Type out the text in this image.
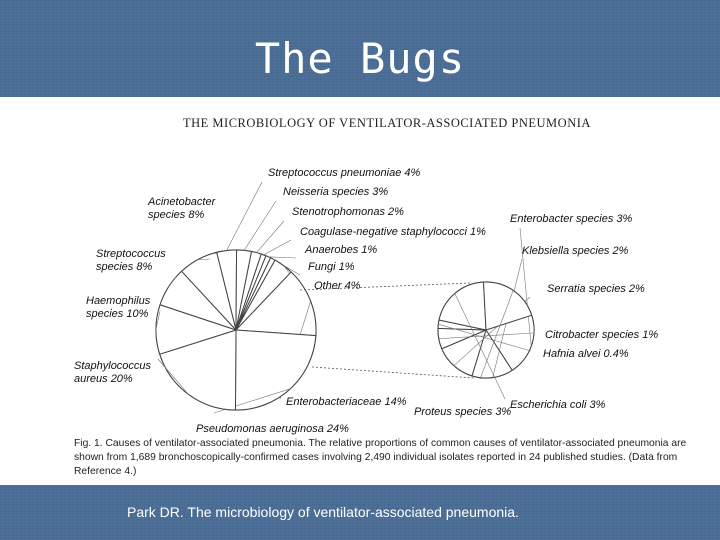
The Bugs
THE MICROBIOLOGY OF VENTILATOR-ASSOCIATED PNEUMONIA
Streptococcus pneumoniae 4%
Neisseria species 3%
Stenotrophomonas 2%
Coagulase-negative staphylococci 1%
Anaerobes 1%
Fungi 1%
Other 4%
Enterobacteriaceae 14%
Pseudomonas aeruginosa 24%
Staphylococcus aureus 20%
Haemophilus species 10%
Streptococcus species 8%
Acinetobacter species 8%	Enterobacter species 3%
Klebsiella species 2%
Serratia species 2%
Citrobacter species 1%
Hafnia alvei 0.4%
Escherichia coli 3%
Proteus species 3%
Fig. 1. Causes of ventilator-associated pneumonia. The relative proportions of common causes of ventilator-associated pneumonia are shown from 1,689 bronchoscopically-confirmed cases involving 2,490 individual isolates reported in 24 published studies. (Data from Reference 4.)
Park DR. The microbiology of ventilator-associated pneumonia.
